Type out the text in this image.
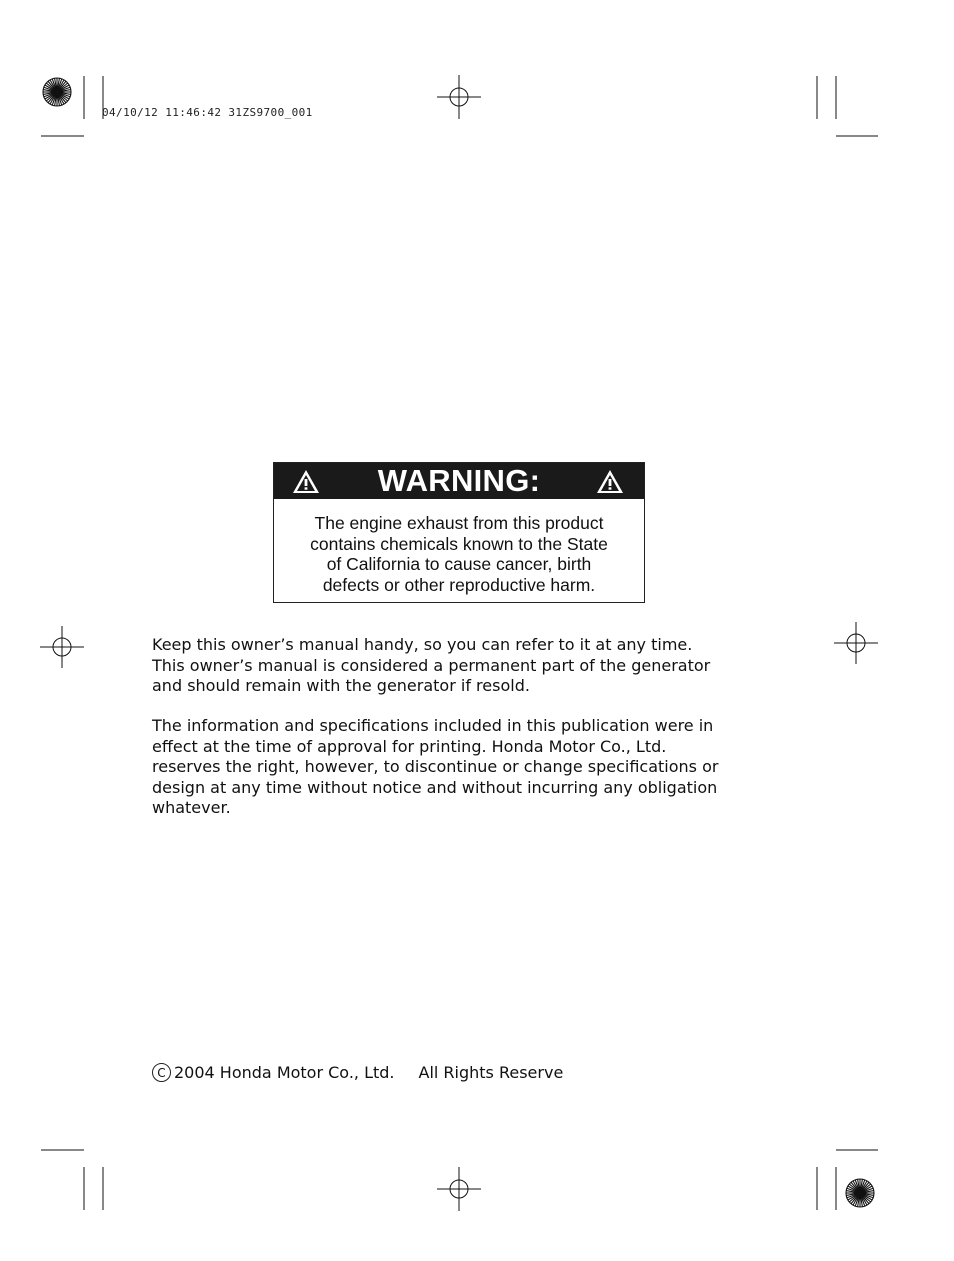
04/10/12 11:46:42 31ZS9700_001
WARNING:
The engine exhaust from this product
contains chemicals known to the State
of California to cause cancer, birth
defects or other reproductive harm.
Keep this owner’s manual handy, so you can refer to it at any time.
This owner’s manual is considered a permanent part of the generator
and should remain with the generator if resold.
The information and specifications included in this publication were in
effect at the time of approval for printing. Honda Motor Co., Ltd.
reserves the right, however, to discontinue or change specifications or
design at any time without notice and without incurring any obligation
whatever.
C 2004 Honda Motor Co., Ltd. All Rights Reserve
